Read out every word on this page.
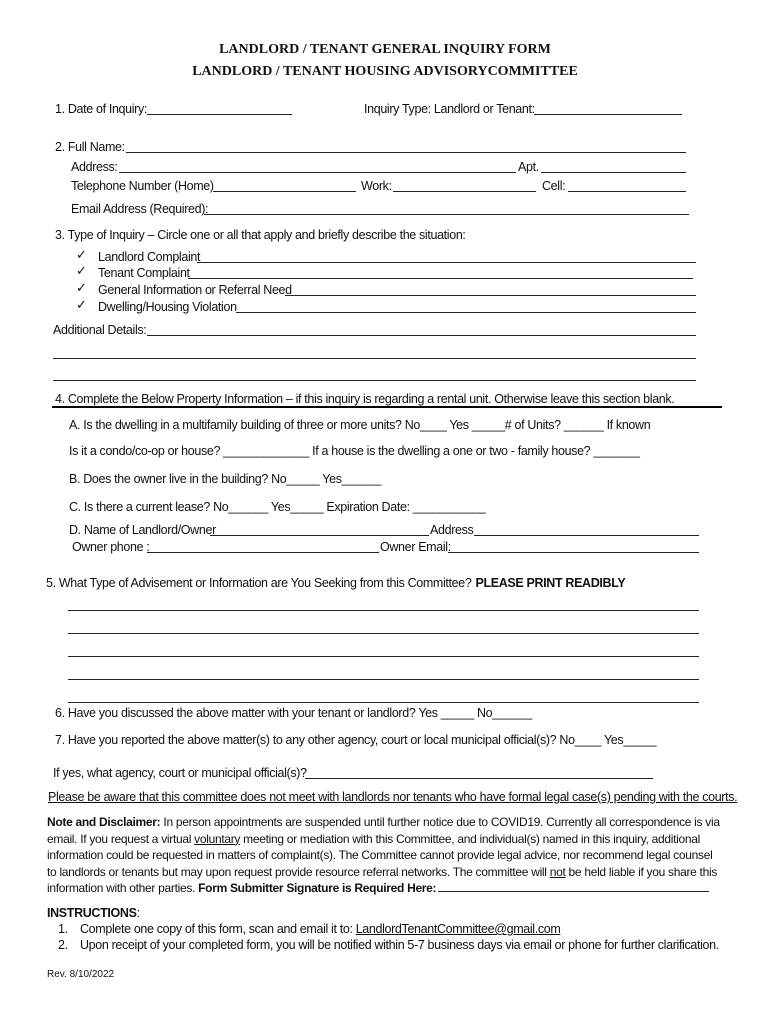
LANDLORD / TENANT GENERAL INQUIRY FORM
LANDLORD / TENANT HOUSING ADVISORYCOMMITTEE
1. Date of Inquiry:	Inquiry Type: Landlord or Tenant:
2. Full Name:
Address:	Apt.
Telephone Number (Home)	Work:	Cell:
Email Address (Required):
3. Type of Inquiry – Circle one or all that apply and briefly describe the situation:
✓ Landlord Complaint
✓ Tenant Complaint
✓ General Information or Referral Need
✓ Dwelling/Housing Violation
Additional Details:
4. Complete the Below Property Information – if this inquiry is regarding a rental unit. Otherwise leave this section blank.
A. Is the dwelling in a multifamily building of three or more units? No____ Yes _____# of Units? ______ If known
Is it a condo/co-op or house? _____________ If a house is the dwelling a one or two - family house? _______
B. Does the owner live in the building? No_____ Yes______
C. Is there a current lease? No______ Yes_____ Expiration Date: ___________
D. Name of Landlord/Owner	Address
Owner phone :	Owner Email:
5. What Type of Advisement or Information are You Seeking from this Committee? PLEASE PRINT READIBLY
6. Have you discussed the above matter with your tenant or landlord? Yes _____ No______
7. Have you reported the above matter(s) to any other agency, court or local municipal official(s)? No____ Yes_____
If yes, what agency, court or municipal official(s)?
Please be aware that this committee does not meet with landlords nor tenants who have formal legal case(s) pending with the courts.

Note and Disclaimer: In person appointments are suspended until further notice due to COVID19. Currently all correspondence is via

email. If you request a virtual voluntary meeting or mediation with this Committee, and individual(s) named in this inquiry, additional

information could be requested in matters of complaint(s). The Committee cannot provide legal advice, nor recommend legal counsel

to landlords or tenants but may upon request provide resource referral networks. The committee will not be held liable if you share this

information with other parties. Form Submitter Signature is Required Here:

INSTRUCTIONS:
1. Complete one copy of this form, scan and email it to: LandlordTenantCommittee@gmail.com
2. Upon receipt of your completed form, you will be notified within 5-7 business days via email or phone for further clarification.
Rev. 8/10/2022
